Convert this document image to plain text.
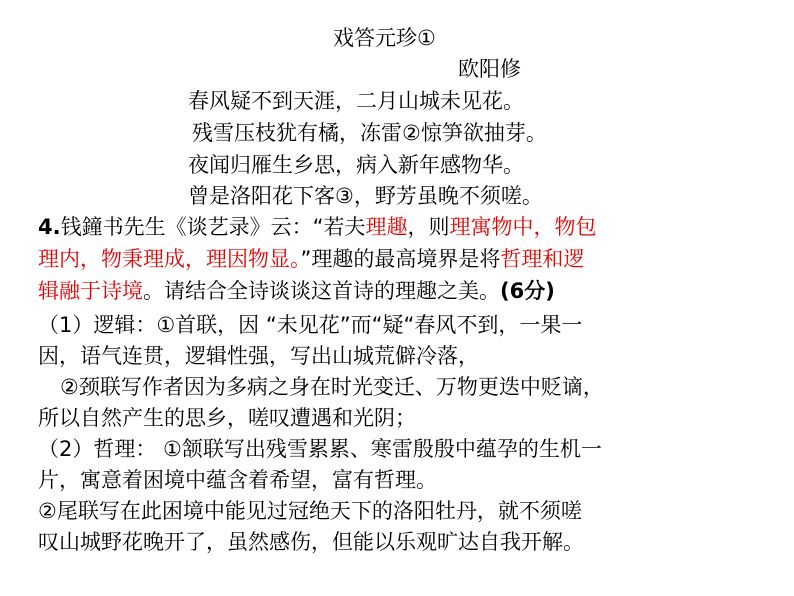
戏答元珍①
欧阳修
春风疑不到天涯，二月山城未见花。
残雪压枝犹有橘，冻雷②惊笋欲抽芽。
夜闻归雁生乡思，病入新年感物华。
曾是洛阳花下客③，野芳虽晚不须嗟。
4.钱鐘书先生《谈艺录》云：“若夫理趣，则理寓物中，物包
理内，物秉理成，理因物显。”理趣的最高境界是将哲理和逻
辑融于诗境。请结合全诗谈谈这首诗的理趣之美。(6分)
（1）逻辑：①首联，因 “未见花”而“疑“春风不到，一果一
因，语气连贯，逻辑性强，写出山城荒僻冷落，
②颈联写作者因为多病之身在时光变迁、万物更迭中贬谪，
所以自然产生的思乡，嗟叹遭遇和光阴；
（2）哲理： ①颔联写出残雪累累、寒雷殷殷中蕴孕的生机一
片，寓意着困境中蕴含着希望，富有哲理。
②尾联写在此困境中能见过冠绝天下的洛阳牡丹，就不须嗟
叹山城野花晚开了，虽然感伤，但能以乐观旷达自我开解。
